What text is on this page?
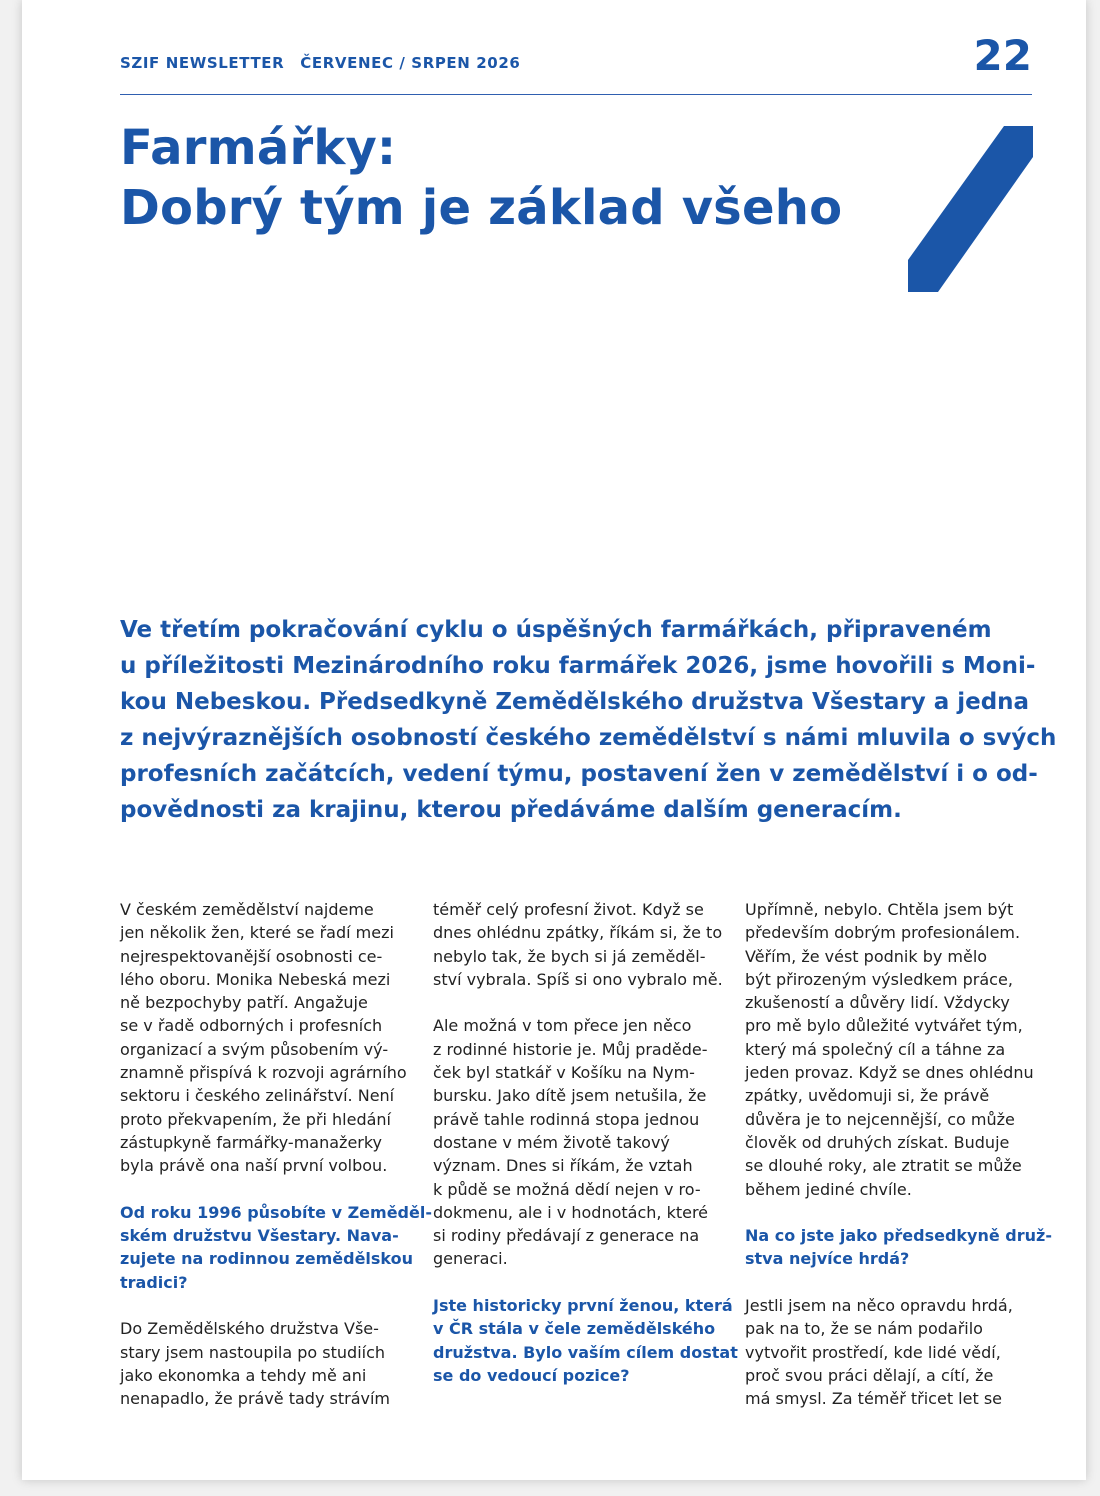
SZIF NEWSLETTER ČERVENEC / SRPEN 2026	22
Farmářky:
Dobrý tým je základ všeho

Ve třetím pokračování cyklu o úspěšných farmářkách, připraveném
u příležitosti Mezinárodního roku farmářek 2026, jsme hovořili s Moni-
kou Nebeskou. Předsedkyně Zemědělského družstva Všestary a jedna
z nejvýraznějších osobností českého zemědělství s námi mluvila o svých
profesních začátcích, vedení týmu, postavení žen v zemědělství i o od-
povědnosti za krajinu, kterou předáváme dalším generacím.

V českém zemědělství najdeme
jen několik žen, které se řadí mezi
nejrespektovanější osobnosti ce-
lého oboru. Monika Nebeská mezi
ně bezpochyby patří. Angažuje
se v řadě odborných i profesních
organizací a svým působením vý-
znamně přispívá k rozvoji agrárního
sektoru i českého zelinářství. Není
proto překvapením, že při hledání
zástupkyně farmářky-manažerky
byla právě ona naší první volbou.
Od roku 1996 působíte v Zeměděl-
ském družstvu Všestary. Nava-
zujete na rodinnou zemědělskou
tradici?
Do Zemědělského družstva Vše-
stary jsem nastoupila po studiích
jako ekonomka a tehdy mě ani
nenapadlo, že právě tady strávím
téměř celý profesní život. Když se
dnes ohlédnu zpátky, říkám si, že to
nebylo tak, že bych si já zeměděl-
ství vybrala. Spíš si ono vybralo mě.
Ale možná v tom přece jen něco
z rodinné historie je. Můj praděde-
ček byl statkář v Košíku na Nym-
bursku. Jako dítě jsem netušila, že
právě tahle rodinná stopa jednou
dostane v mém životě takový
význam. Dnes si říkám, že vztah
k půdě se možná dědí nejen v ro-
dokmenu, ale i v hodnotách, které
si rodiny předávají z generace na
generaci.
Jste historicky první ženou, která
v ČR stála v čele zemědělského
družstva. Bylo vaším cílem dostat
se do vedoucí pozice?
Upřímně, nebylo. Chtěla jsem být
především dobrým profesionálem.
Věřím, že vést podnik by mělo
být přirozeným výsledkem práce,
zkušeností a důvěry lidí. Vždycky
pro mě bylo důležité vytvářet tým,
který má společný cíl a táhne za
jeden provaz. Když se dnes ohlédnu
zpátky, uvědomuji si, že právě
důvěra je to nejcennější, co může
člověk od druhých získat. Buduje
se dlouhé roky, ale ztratit se může
během jediné chvíle.
Na co jste jako předsedkyně druž-
stva nejvíce hrdá?
Jestli jsem na něco opravdu hrdá,
pak na to, že se nám podařilo
vytvořit prostředí, kde lidé vědí,
proč svou práci dělají, a cítí, že
má smysl. Za téměř třicet let se
